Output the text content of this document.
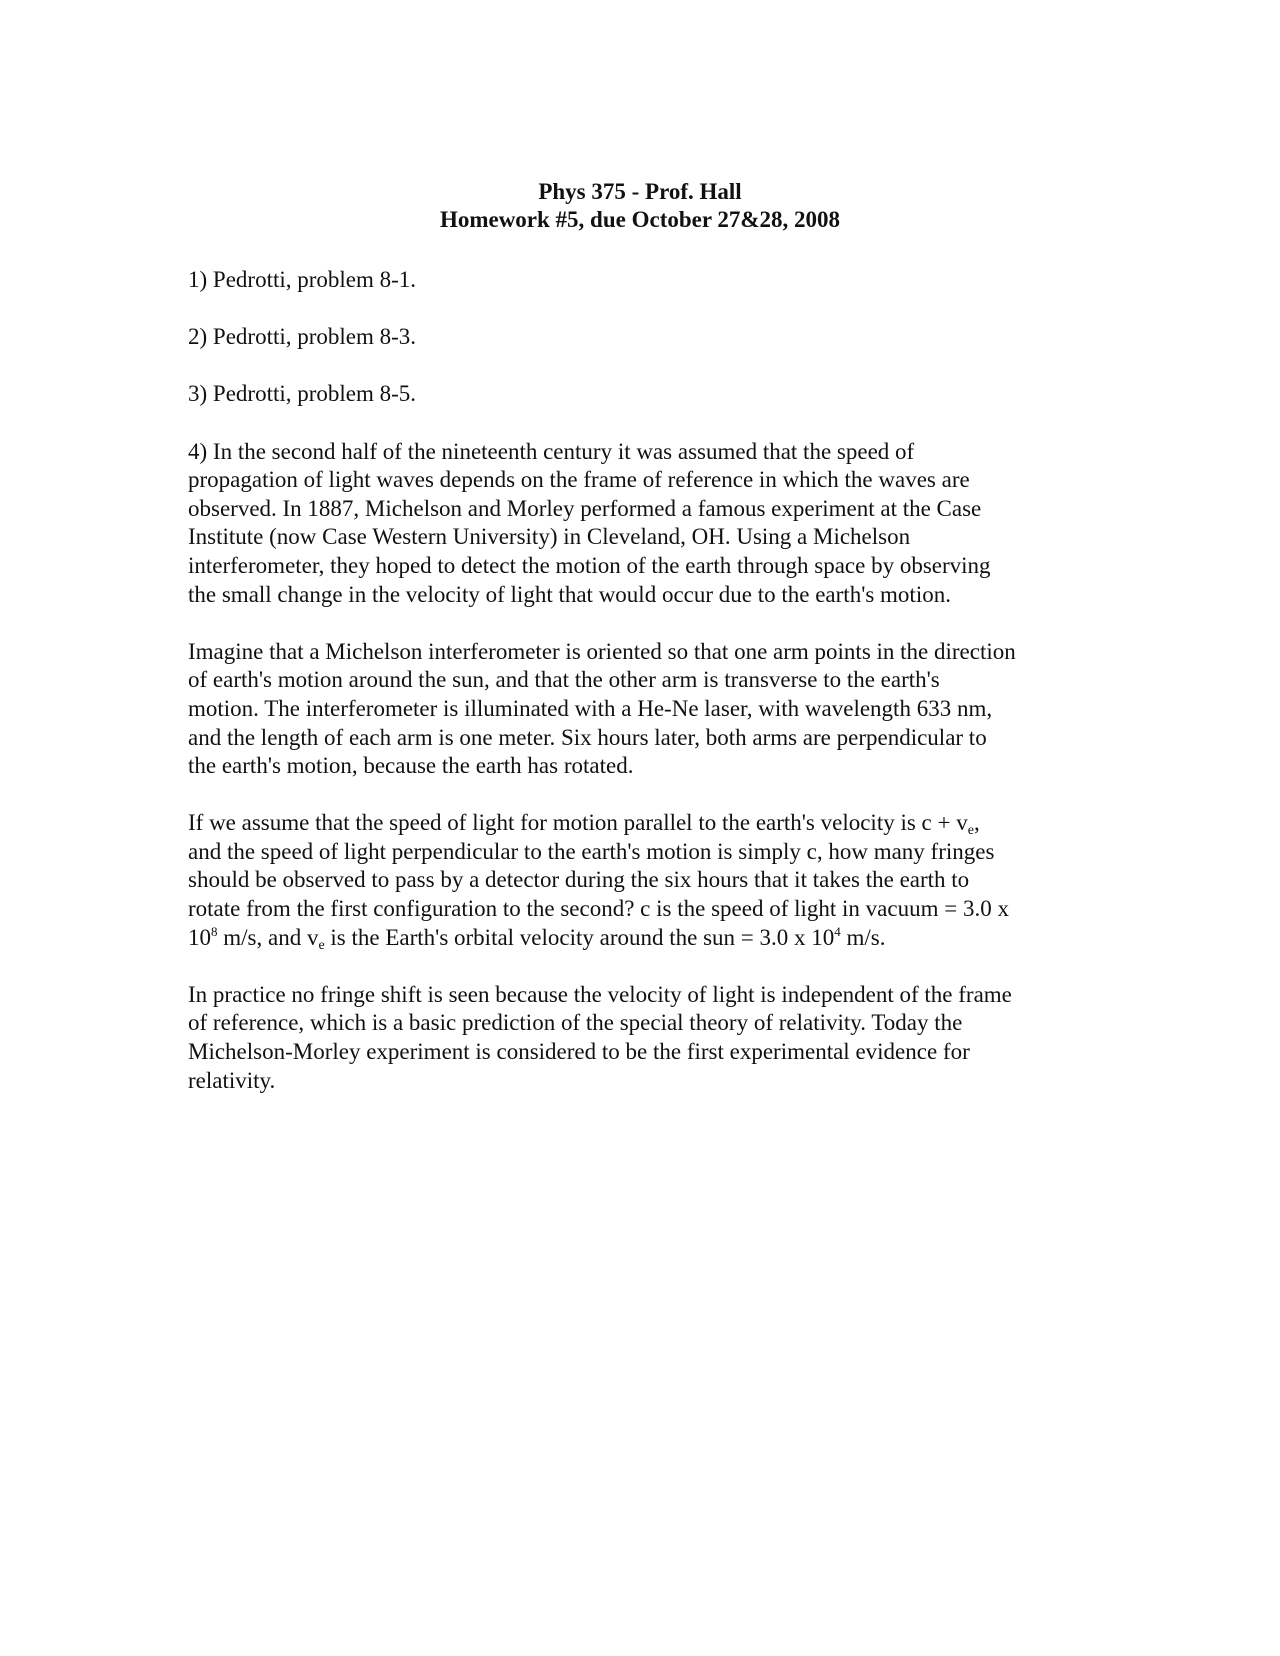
Phys 375 - Prof. Hall
Homework #5, due October 27&28, 2008

1) Pedrotti, problem 8-1.

2) Pedrotti, problem 8-3.

3) Pedrotti, problem 8-5.

4) In the second half of the nineteenth century it was assumed that the speed of
propagation of light waves depends on the frame of reference in which the waves are
observed. In 1887, Michelson and Morley performed a famous experiment at the Case
Institute (now Case Western University) in Cleveland, OH. Using a Michelson
interferometer, they hoped to detect the motion of the earth through space by observing
the small change in the velocity of light that would occur due to the earth's motion.

Imagine that a Michelson interferometer is oriented so that one arm points in the direction
of earth's motion around the sun, and that the other arm is transverse to the earth's
motion. The interferometer is illuminated with a He-Ne laser, with wavelength 633 nm,
and the length of each arm is one meter. Six hours later, both arms are perpendicular to
the earth's motion, because the earth has rotated.

If we assume that the speed of light for motion parallel to the earth's velocity is $c + v_e$,
and the speed of light perpendicular to the earth's motion is simply c, how many fringes
should be observed to pass by a detector during the six hours that it takes the earth to
rotate from the first configuration to the second? c is the speed of light in vacuum = 3.0 x
$10^8$ m/s, and $v_e$ is the Earth's orbital velocity around the sun = 3.0 x $10^4$ m/s.

In practice no fringe shift is seen because the velocity of light is independent of the frame
of reference, which is a basic prediction of the special theory of relativity. Today the
Michelson-Morley experiment is considered to be the first experimental evidence for
relativity.
